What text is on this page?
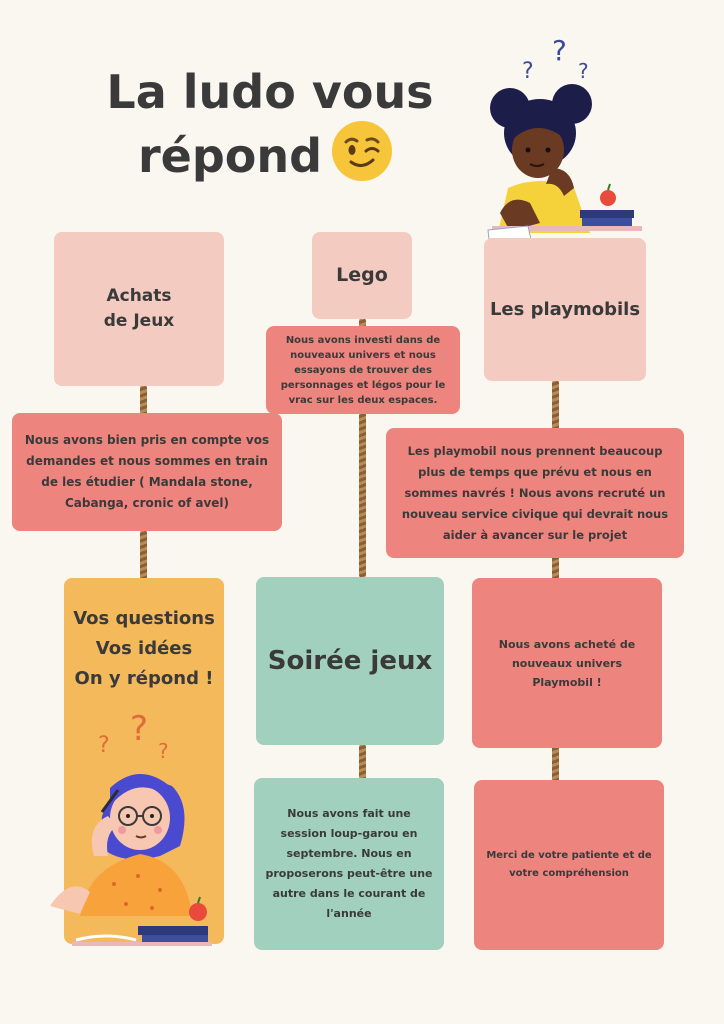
La ludo vous
répond
?
?
?
Achats
de Jeux
Nous avons bien pris en compte vos demandes et nous sommes en train de les étudier ( Mandala stone, Cabanga, cronic of avel)
Lego
Nous avons investi dans de nouveaux univers et nous essayons de trouver des personnages et légos pour le vrac sur les deux espaces.
Les playmobils
Les playmobil nous prennent beaucoup plus de temps que prévu et nous en sommes navrés ! Nous avons recruté un nouveau service civique qui devrait nous aider à avancer sur le projet
Nous avons acheté de nouveaux univers Playmobil !
Merci de votre patiente et de votre compréhension
Soirée jeux
Nous avons fait une session loup-garou en septembre. Nous en proposerons peut-être une autre dans le courant de l'année
Vos questions
Vos idées
On y répond !
? ?
?
